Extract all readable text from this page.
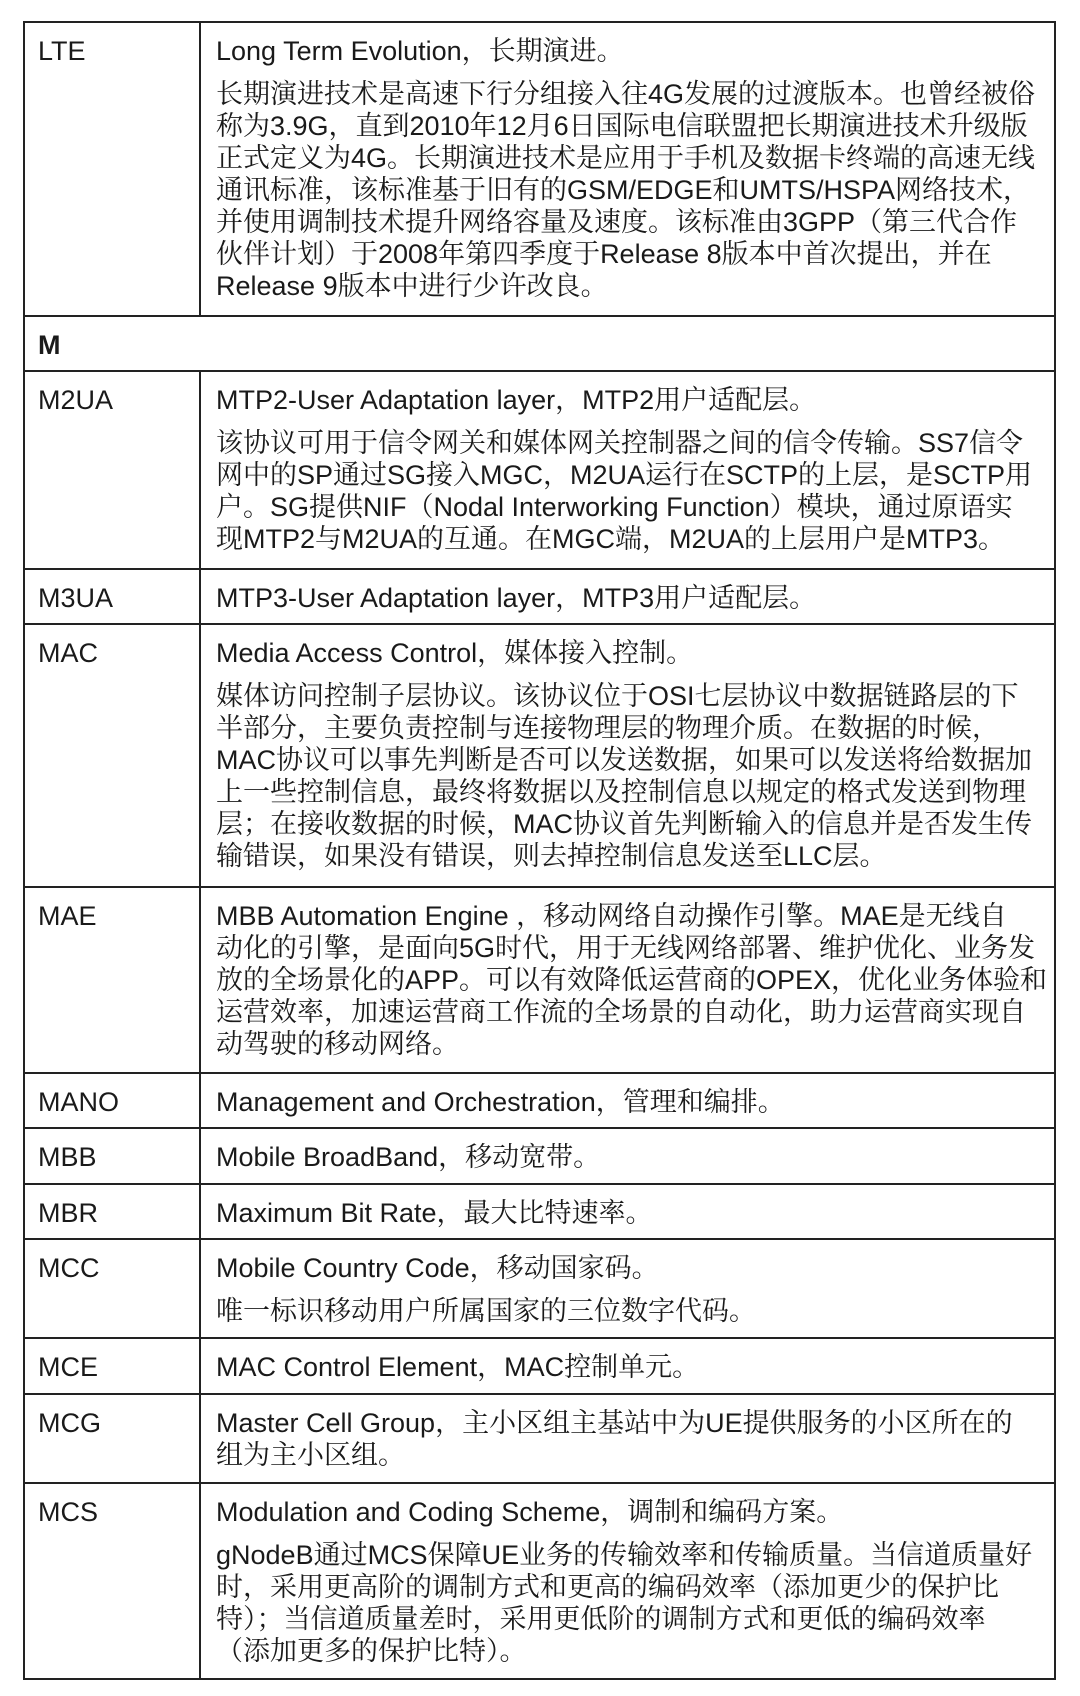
LTE	Long Term Evolution，长期演进。
长期演进技术是高速下行分组接入往4G发展的过渡版本。也曾经被俗
称为3.9G，直到2010年12月6日国际电信联盟把长期演进技术升级版
正式定义为4G。长期演进技术是应用于手机及数据卡终端的高速无线
通讯标准，该标准基于旧有的GSM/EDGE和UMTS/HSPA网络技术，
并使用调制技术提升网络容量及速度。该标准由3GPP（第三代合作
伙伴计划）于2008年第四季度于Release 8版本中首次提出，并在
Release 9版本中进行少许改良。
M
M2UA	MTP2-User Adaptation layer，MTP2用户适配层。
该协议可用于信令网关和媒体网关控制器之间的信令传输。SS7信令
网中的SP通过SG接入MGC，M2UA运行在SCTP的上层，是SCTP用
户。SG提供NIF（Nodal Interworking Function）模块，通过原语实
现MTP2与M2UA的互通。在MGC端，M2UA的上层用户是MTP3。
M3UA	MTP3-User Adaptation layer，MTP3用户适配层。
MAC	Media Access Control，媒体接入控制。
媒体访问控制子层协议。该协议位于OSI七层协议中数据链路层的下
半部分，主要负责控制与连接物理层的物理介质。在数据的时候，
MAC协议可以事先判断是否可以发送数据，如果可以发送将给数据加
上一些控制信息，最终将数据以及控制信息以规定的格式发送到物理
层；在接收数据的时候，MAC协议首先判断输入的信息并是否发生传
输错误，如果没有错误，则去掉控制信息发送至LLC层。
MAE	MBB Automation Engine ，移动网络自动操作引擎。MAE是无线自
动化的引擎，是面向5G时代，用于无线网络部署、维护优化、业务发
放的全场景化的APP。可以有效降低运营商的OPEX，优化业务体验和
运营效率，加速运营商工作流的全场景的自动化，助力运营商实现自
动驾驶的移动网络。
MANO	Management and Orchestration，管理和编排。
MBB	Mobile BroadBand，移动宽带。
MBR	Maximum Bit Rate，最大比特速率。
MCC	Mobile Country Code，移动国家码。
唯一标识移动用户所属国家的三位数字代码。
MCE	MAC Control Element，MAC控制单元。
MCG	Master Cell Group，主小区组主基站中为UE提供服务的小区所在的
组为主小区组。
MCS	Modulation and Coding Scheme，调制和编码方案。
gNodeB通过MCS保障UE业务的传输效率和传输质量。当信道质量好
时，采用更高阶的调制方式和更高的编码效率（添加更少的保护比
特）；当信道质量差时，采用更低阶的调制方式和更低的编码效率
（添加更多的保护比特）。
